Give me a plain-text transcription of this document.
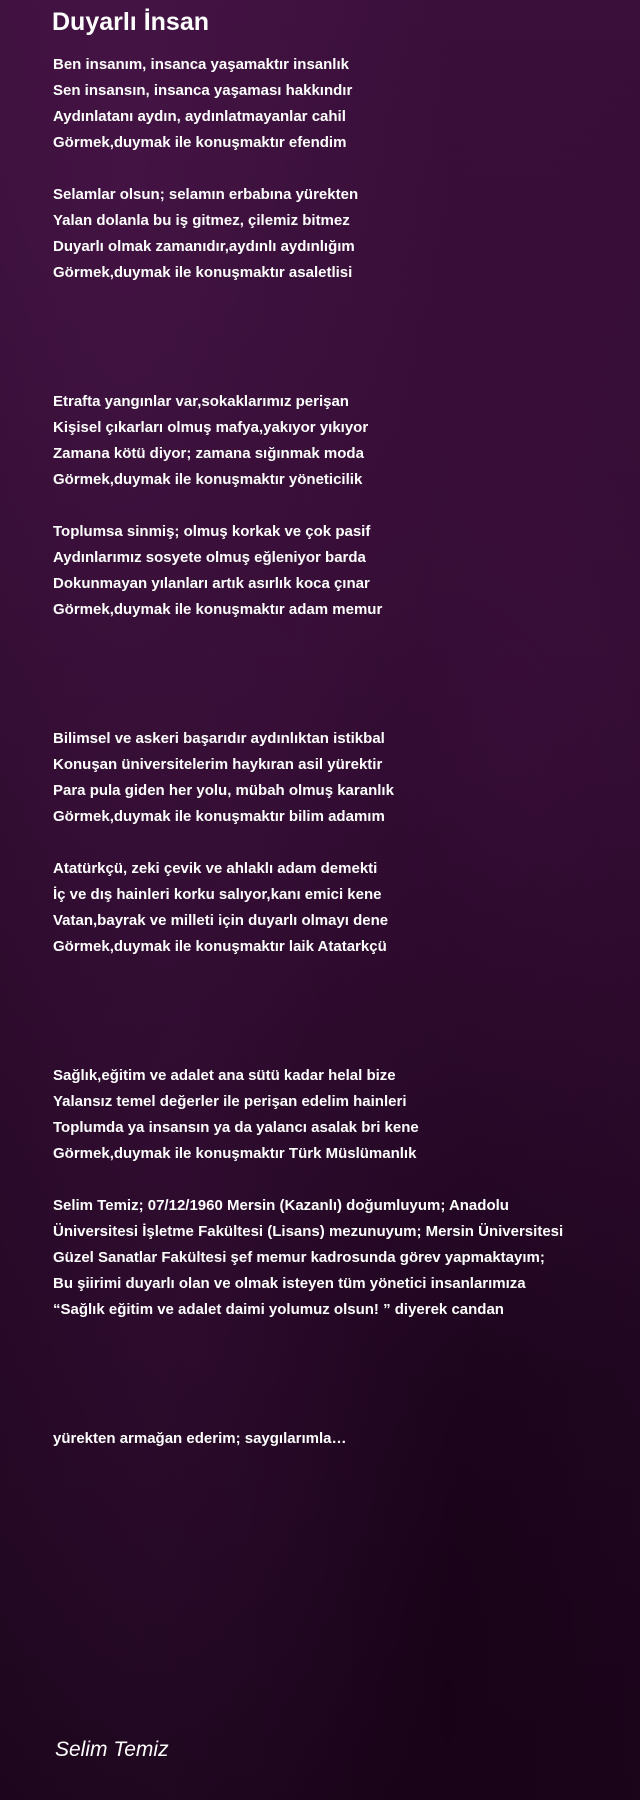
Duyarlı İnsan
Ben insanım, insanca yaşamaktır insanlık
Sen insansın, insanca yaşaması hakkındır
Aydınlatanı aydın, aydınlatmayanlar cahil
Görmek,duymak ile konuşmaktır efendim
Selamlar olsun; selamın erbabına yürekten
Yalan dolanla bu iş gitmez, çilemiz bitmez
Duyarlı olmak zamanıdır,aydınlı aydınlığım
Görmek,duymak ile konuşmaktır asaletlisi
Etrafta yangınlar var,sokaklarımız perişan
Kişisel çıkarları olmuş mafya,yakıyor yıkıyor
Zamana kötü diyor; zamana sığınmak moda
Görmek,duymak ile konuşmaktır yöneticilik
Toplumsa sinmiş; olmuş korkak ve çok pasif
Aydınlarımız sosyete olmuş eğleniyor barda
Dokunmayan yılanları artık asırlık koca çınar
Görmek,duymak ile konuşmaktır adam memur
Bilimsel ve askeri başarıdır aydınlıktan istikbal
Konuşan üniversitelerim haykıran asil yürektir
Para pula giden her yolu, mübah olmuş karanlık
Görmek,duymak ile konuşmaktır bilim adamım
Atatürkçü, zeki çevik ve ahlaklı adam demekti
İç ve dış hainleri korku salıyor,kanı emici kene
Vatan,bayrak ve milleti için duyarlı olmayı dene
Görmek,duymak ile konuşmaktır laik Atatarkçü
Sağlık,eğitim ve adalet ana sütü kadar helal bize
Yalansız temel değerler ile perişan edelim hainleri
Toplumda ya insansın ya da yalancı asalak bri kene
Görmek,duymak ile konuşmaktır Türk Müslümanlık
Selim Temiz; 07/12/1960 Mersin (Kazanlı) doğumluyum; Anadolu
Üniversitesi İşletme Fakültesi (Lisans) mezunuyum; Mersin Üniversitesi
Güzel Sanatlar Fakültesi şef memur kadrosunda görev yapmaktayım;
Bu şiirimi duyarlı olan ve olmak isteyen tüm yönetici insanlarımıza
“Sağlık eğitim ve adalet daimi yolumuz olsun! ” diyerek candan
yürekten armağan ederim; saygılarımla…
Selim Temiz
